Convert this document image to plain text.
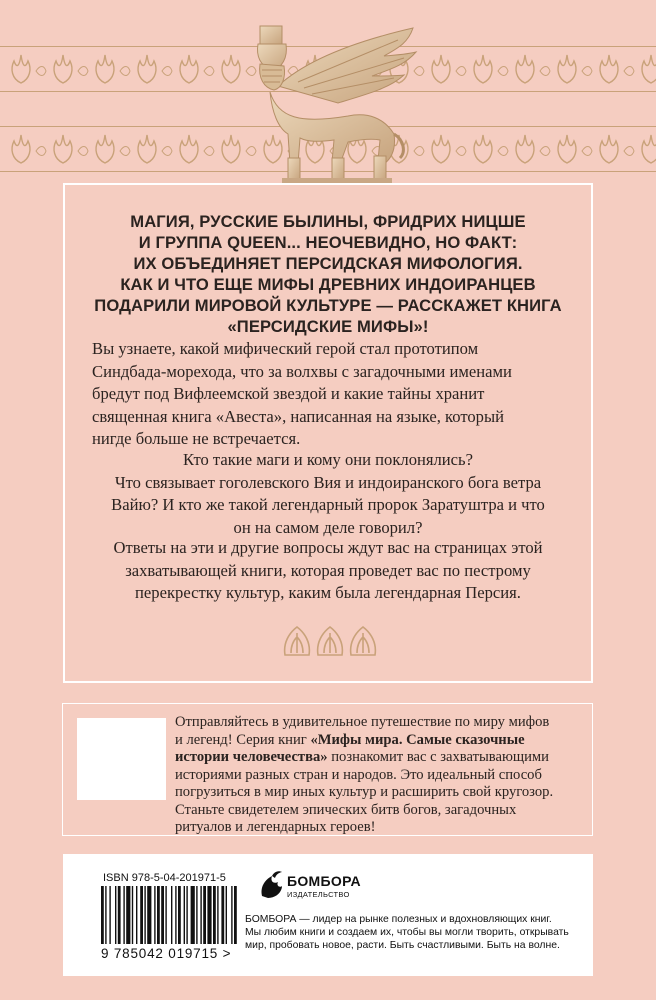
МАГИЯ, РУССКИЕ БЫЛИНЫ, ФРИДРИХ НИЦШЕ
И ГРУППА QUEEN... НЕОЧЕВИДНО, НО ФАКТ:
ИХ ОБЪЕДИНЯЕТ ПЕРСИДСКАЯ МИФОЛОГИЯ.
КАК И ЧТО ЕЩЕ МИФЫ ДРЕВНИХ ИНДОИРАНЦЕВ
ПОДАРИЛИ МИРОВОЙ КУЛЬТУРЕ — РАССКАЖЕТ КНИГА
«ПЕРСИДСКИЕ МИФЫ»!
Вы узнаете, какой мифический герой стал прототипом
Синдбада-морехода, что за волхвы с загадочными именами
бредут под Вифлеемской звездой и какие тайны хранит
священная книга «Авеста», написанная на языке, который
нигде больше не встречается.
Кто такие маги и кому они поклонялись?
Что связывает гоголевского Вия и индоиранского бога ветра
Вайю? И кто же такой легендарный пророк Заратуштра и что
он на самом деле говорил?
Ответы на эти и другие вопросы ждут вас на страницах этой
захватывающей книги, которая проведет вас по пестрому
перекрестку культур, каким была легендарная Персия.
Отправляйтесь в удивительное путешествие по миру мифов
и легенд! Серия книг «Мифы мира. Самые сказочные
истории человечества» познакомит вас с захватывающими
историями разных стран и народов. Это идеальный способ
погрузиться в мир иных культур и расширить свой кругозор.
Станьте свидетелем эпических битв богов, загадочных
ритуалов и легендарных героев!
ISBN 978-5-04-201971-5
9 785042 019715 >
БОМБОРА
ИЗДАТЕЛЬСТВО
БОМБОРА — лидер на рынке полезных и вдохновляющих книг.
Мы любим книги и создаем их, чтобы вы могли творить, открывать
мир, пробовать новое, расти. Быть счастливыми. Быть на волне.
